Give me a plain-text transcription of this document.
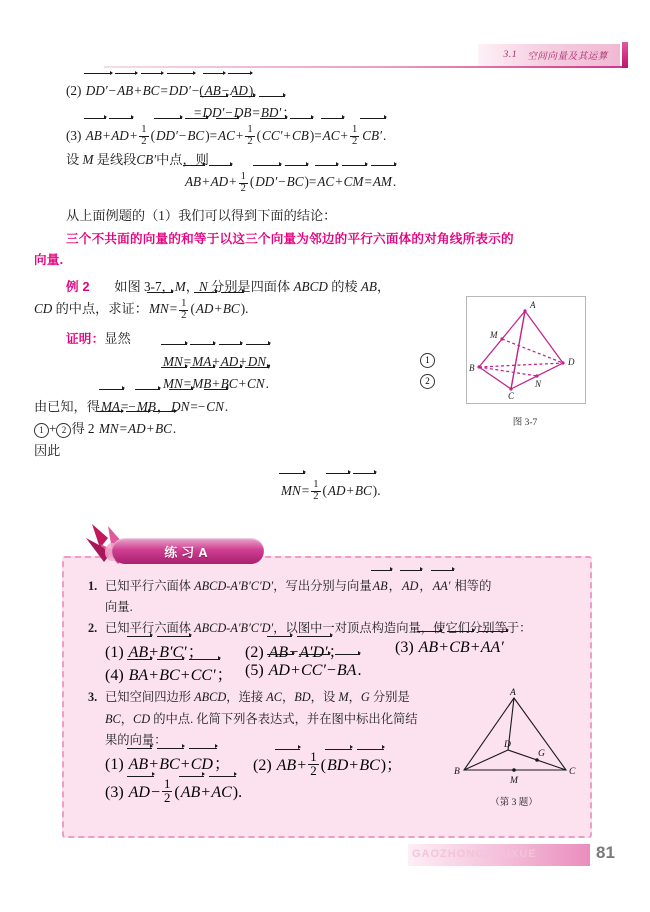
3.1 空间向量及其运算
(2) DD′−AB+BC=DD′−(AB−AD)
=DD′−DB=BD′；
(3) $AB+AD+ \frac{1}{2} (DD'-BC)=AC+ \frac{1}{2} (CC'+CB)=AC+ \frac{1}{2} CB'$.
设 M 是线段CB′中点，则
$AB+AD+ \frac{1}{2} (DD'-BC)=AC+CM=AM$.
从上面例题的（1）我们可以得到下面的结论：
三个不共面的向量的和等于以这三个向量为邻边的平行六面体的对角线所表示的
向量.
例 2 如图 3-7，M，N 分别是四面体 ABCD 的棱 AB，
CD 的中点，求证：$MN= \frac{1}{2} (AD+BC)$.
证明：显然
MN=MA+AD+DN，	1
MN=MB+BC+CN.	2
由已知，得MA=−MB，DN=−CN.
1 + 2 得 2 MN=AD+BC.
因此
$MN= \frac{1}{2} (AD+BC)$.
A
B
C
D
M
N
图 3-7
1. 已知平行六面体 ABCD-A′B′C′D′，写出分别与向量AB，AD，AA′ 相等的
向量.
2. 已知平行六面体 ABCD-A′B′C′D′，以图中一对顶点构造向量，使它们分别等于：
(1) AB+B′C′；	(2) AB−A′D′；	(3) AB+CB+AA′
(4) BA+BC+CC′； (5) AD+CC′−BA.
3. 已知空间四边形 ABCD，连接 AC，BD，设 M，G 分别是
BC，CD 的中点. 化简下列各表达式，并在图中标出化简结
果的向量：
(1) AB+BC+CD；	(2) $AB+ \frac{1}{2} (BD+BC)$；
(3) $AD- \frac{1}{2} (AB+AC)$.
A
B	C
D
G
M
（第 3 题）
练习A
GAOZHONGSHUXUE	81
